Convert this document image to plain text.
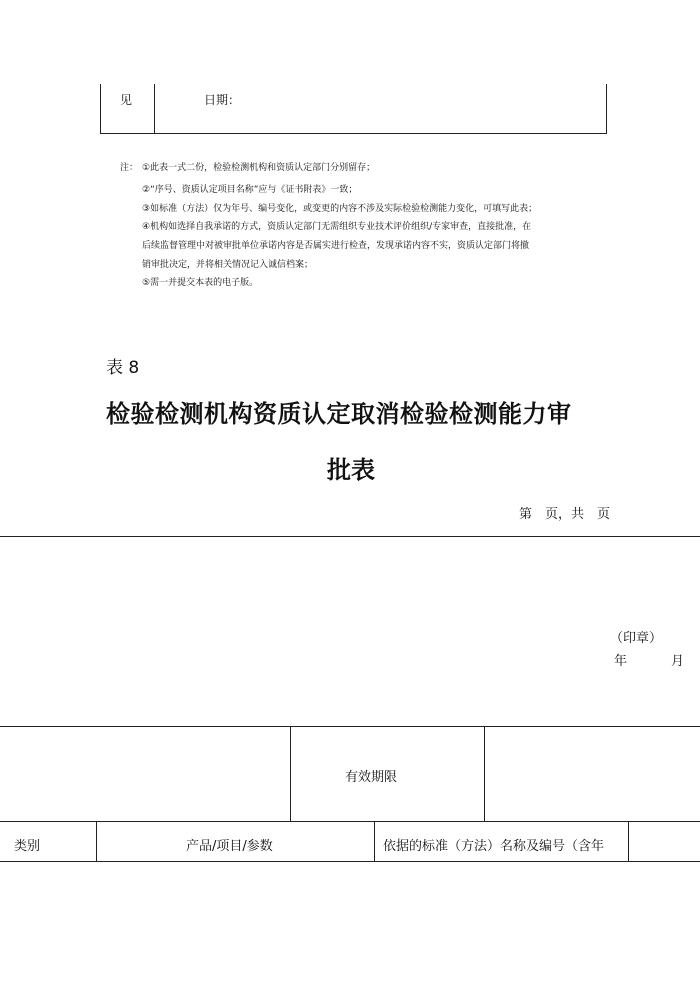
见	日期：
注： ①此表一式二份，检验检测机构和资质认定部门分别留存；
②“序号、资质认定项目名称”应与《证书附表》一致；
③如标准（方法）仅为年号、编号变化，或变更的内容不涉及实际检验检测能力变化，可填写此表；
④机构如选择自我承诺的方式，资质认定部门无需组织专业技术评价组织/专家审查，直接批准，在
后续监督管理中对被审批单位承诺内容是否属实进行检查，发现承诺内容不实，资质认定部门将撤
销审批决定，并将相关情况记入诚信档案；
⑤需一并提交本表的电子版。
表 8
检验检测机构资质认定取消检验检测能力审
批表
第　页，共　页
（印章）
年	月
有效期限
类别	产品/项目/参数	依据的标准（方法）名称及编号（含年
